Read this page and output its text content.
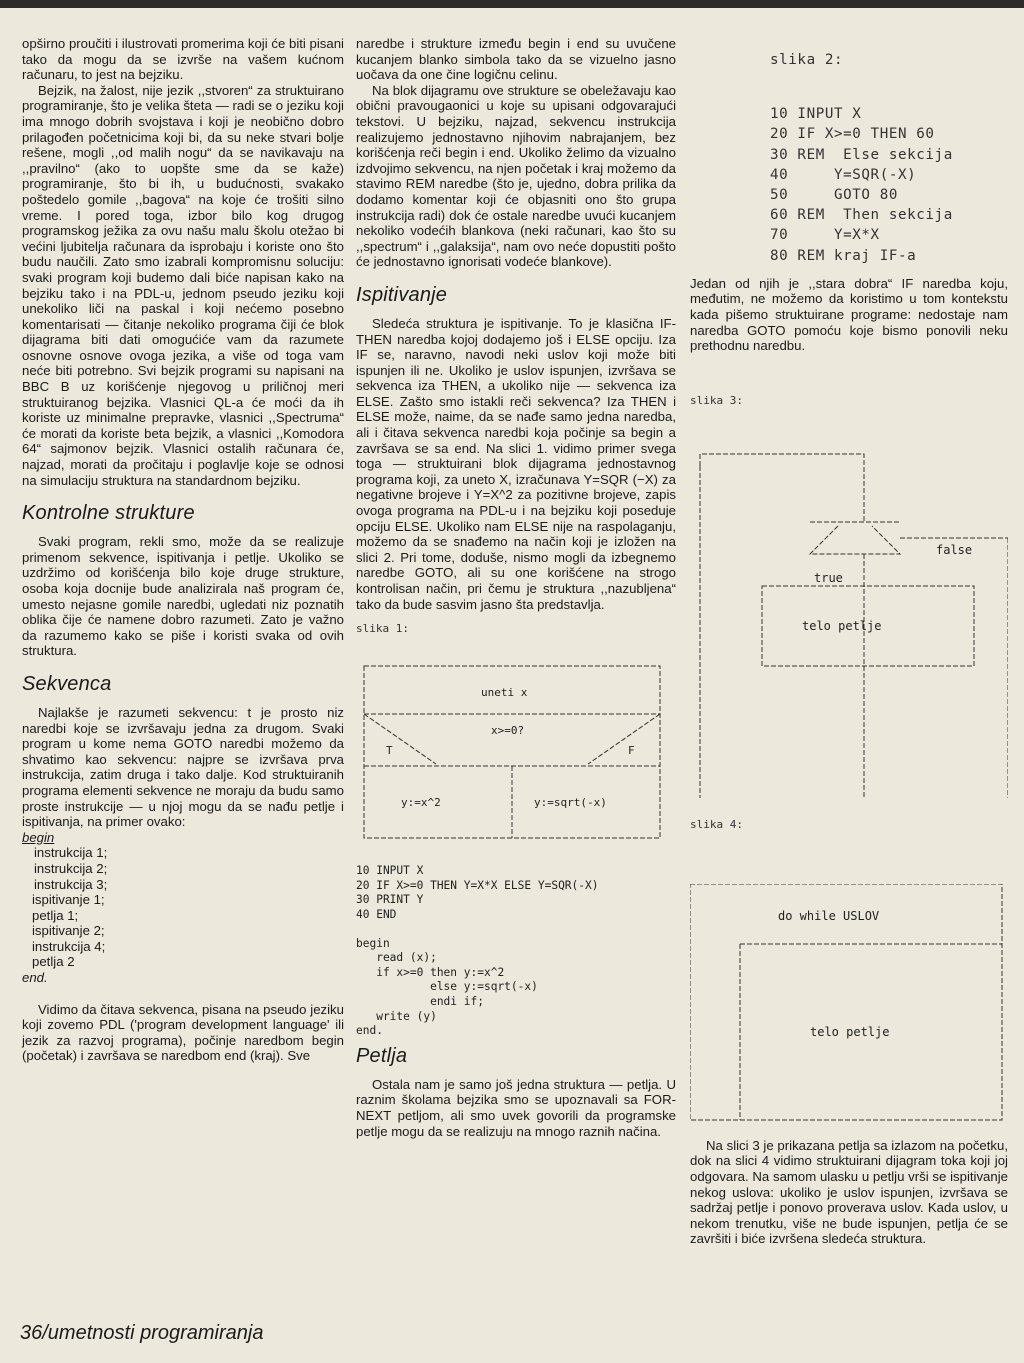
opširno proučiti i ilustrovati promerima koji će biti pisani tako da mogu da se izvrše na vašem kućnom računaru, to jest na bejziku.

Bejzik, na žalost, nije jezik ,,stvoren“ za struktuirano programiranje, što je velika šteta — radi se o jeziku koji ima mnogo dobrih svojstava i koji je neobično dobro prilagođen početnicima koji bi, da su neke stvari bolje rešene, mogli ,,od malih nogu“ da se navikavaju na ,,pravilno“ (ako to uopšte sme da se kaže) programiranje, što bi ih, u budućnosti, svakako poštedelo gomile ,,bagova“ na koje će trošiti silno vreme. I pored toga, izbor bilo kog drugog programskog ježika za ovu našu malu školu otežao bi većini ljubitelja računara da isprobaju i koriste ono što budu naučili. Zato smo izabrali kompromisnu soluciju: svaki program koji budemo dali biće napisan kako na bejziku tako i na PDL-u, jednom pseudo jeziku koji unekoliko liči na paskal i koji nećemo posebno komentarisati — čitanje nekoliko programa čiji će blok dijagrama biti dati omogućiće vam da razumete osnovne osnove ovoga jezika, a više od toga vam neće biti potrebno. Svi bejzik programi su napisani na BBC B uz korišćenje njegovog u priličnoj meri struktuiranog bejzika. Vlasnici QL-a će moći da ih koriste uz minimalne prepravke, vlasnici ,,Spectruma“ će morati da koriste beta bejzik, a vlasnici ,,Komodora 64“ sajmonov bejzik. Vlasnici ostalih računara će, najzad, morati da pročitaju i poglavlje koje se odnosi na simulaciju struktura na standardnom bejziku.

Kontrolne strukture

Svaki program, rekli smo, može da se realizuje primenom sekvence, ispitivanja i petlje. Ukoliko se uzdržimo od korišćenja bilo koje druge strukture, osoba koja docnije bude analizirala naš program će, umesto nejasne gomile naredbi, ugledati niz poznatih oblika čije će namene dobro razumeti. Zato je važno da razumemo kako se piše i koristi svaka od ovih struktura.

Sekvenca

Najlakše je razumeti sekvencu: t je prosto niz naredbi koje se izvršavaju jedna za drugom. Svaki program u kome nema GOTO naredbi možemo da shvatimo kao sekvencu: najpre se izvršava prva instrukcija, zatim druga i tako dalje. Kod struktuiranih programa elementi sekvence ne moraju da budu samo proste instrukcije — u njoj mogu da se nađu petlje i ispitivanja, na primer ovako:

begin
instrukcija 1;
instrukcija 2;
instrukcija 3;
ispitivanje 1;
petlja 1;
ispitivanje 2;
instrukcija 4;
petlja 2
end.

Vidimo da čitava sekvenca, pisana na pseudo jeziku koji zovemo PDL ('program development language' ili jezik za razvoj programa), počinje naredbom begin (početak) i završava se naredbom end (kraj). Sve

naredbe i strukture između begin i end su uvučene kucanjem blanko simbola tako da se vizuelno jasno uočava da one čine logičnu celinu.

Na blok dijagramu ove strukture se obeležavaju kao obični pravougaonici u koje su upisani odgovarajući tekstovi. U bejziku, najzad, sekvencu instrukcija realizujemo jednostavno njihovim nabrajanjem, bez korišćenja reči begin i end. Ukoliko želimo da vizualno izdvojimo sekvencu, na njen početak i kraj možemo da stavimo REM naredbe (što je, ujedno, dobra prilika da dodamo komentar koji će objasniti ono što grupa instrukcija radi) dok će ostale naredbe uvući kucanjem nekoliko vodećih blankova (neki računari, kao što su ,,spectrum“ i ,,galaksija“, nam ovo neće dopustiti pošto će jednostavno ignorisati vodeće blankove).

Ispitivanje

Sledeća struktura je ispitivanje. To je klasična IF-THEN naredba kojoj dodajemo još i ELSE opciju. Iza IF se, naravno, navodi neki uslov koji može biti ispunjen ili ne. Ukoliko je uslov ispunjen, izvršava se sekvenca iza THEN, a ukoliko nije — sekvenca iza ELSE. Zašto smo istakli reči sekvenca? Iza THEN i ELSE može, naime, da se nađe samo jedna naredba, ali i čitava sekvenca naredbi koja počinje sa begin a završava se sa end. Na slici 1. vidimo primer svega toga — struktuirani blok dijagrama jednostavnog programa koji, za uneto X, izračunava Y=SQR (−X) za negativne brojeve i Y=X^2 za pozitivne brojeve, zapis ovoga programa na PDL-u i na bejziku koji poseduje opciju ELSE. Ukoliko nam ELSE nije na raspolaganju, možemo da se snađemo na način koji je izložen na slici 2. Pri tome, doduše, nismo mogli da izbegnemo naredbe GOTO, ali su one korišćene na strogo kontrolisan način, pri čemu je struktura ,,nazubljena“ tako da bude sasvim jasno šta predstavlja.

slika 1:
uneti x
x>=0?
T	F
y:=x^2	y:=sqrt(-x)
10 INPUT X
20 IF X>=0 THEN Y=X*X ELSE Y=SQR(-X)
30 PRINT Y
40 END
begin
read (x);
if x>=0 then y:=x^2
else y:=sqrt(-x)
endi if;
write (y)
end.
Petlja

Ostala nam je samo još jedna struktura — petlja. U raznim školama bejzika smo se upoznavali sa FOR-NEXT petljom, ali smo uvek govorili da programske petlje mogu da se realizuju na mnogo raznih načina.

slika 2:
10 INPUT X
20 IF X>=0 THEN 60
30 REM  Else sekcija
40     Y=SQR(-X)
50     GOTO 80
60 REM  Then sekcija
70     Y=X*X
80 REM kraj IF-a

Jedan od njih je ,,stara dobra“ IF naredba koju, međutim, ne možemo da koristimo u tom kontekstu kada pišemo struktuirane programe: nedostaje nam naredba GOTO pomoću koje bismo ponovili neku prethodnu naredbu.

slika 3:
false
true
telo petlje
slika 4:
do while USLOV
telo petlje

Na slici 3 je prikazana petlja sa izlazom na početku, dok na slici 4 vidimo struktuirani dijagram toka koji joj odgovara. Na samom ulasku u petlju vrši se ispitivanje nekog uslova: ukoliko je uslov ispunjen, izvršava se sadržaj petlje i ponovo proverava uslov. Kada uslov, u nekom trenutku, više ne bude ispunjen, petlja će se završiti i biće izvršena sledeća struktura.

36/umetnosti programiranja
